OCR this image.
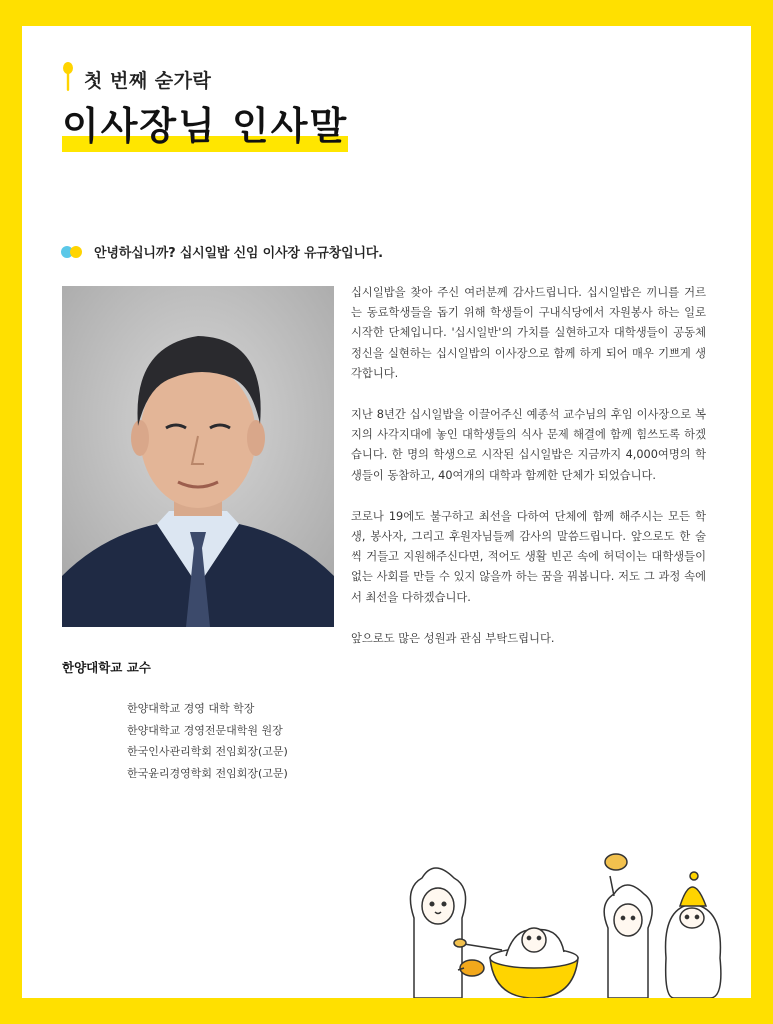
첫 번째 숟가락
이사장님 인사말
안녕하십니까? 십시일밥 신임 이사장 유규창입니다.

십시일밥을 찾아 주신 여러분께 감사드립니다. 십시일밥은 끼니를 거르는 동료학생들을 돕기 위해 학생들이 구내식당에서 자원봉사 하는 일로 시작한 단체입니다. '십시일반'의 가치를 실현하고자 대학생들이 공동체 정신을 실현하는 십시일밥의 이사장으로 함께 하게 되어 매우 기쁘게 생각합니다.

지난 8년간 십시일밥을 이끌어주신 예종석 교수님의 후임 이사장으로 복지의 사각지대에 놓인 대학생들의 식사 문제 해결에 함께 힘쓰도록 하겠습니다. 한 명의 학생으로 시작된 십시일밥은 지금까지 4,000여명의 학생들이 동참하고, 40여개의 대학과 함께한 단체가 되었습니다.

코로나 19에도 불구하고 최선을 다하여 단체에 함께 해주시는 모든 학생, 봉사자, 그리고 후원자님들께 감사의 말씀드립니다. 앞으로도 한 술 씩 거들고 지원해주신다면, 적어도 생활 빈곤 속에 허덕이는 대학생들이 없는 사회를 만들 수 있지 않을까 하는 꿈을 꿔봅니다. 저도 그 과정 속에서 최선을 다하겠습니다.

앞으로도 많은 성원과 관심 부탁드립니다.

한양대학교 교수
한양대학교 경영 대학 학장
한양대학교 경영전문대학원 원장
한국인사관리학회 전임회장(고문)
한국윤리경영학회 전임회장(고문)
